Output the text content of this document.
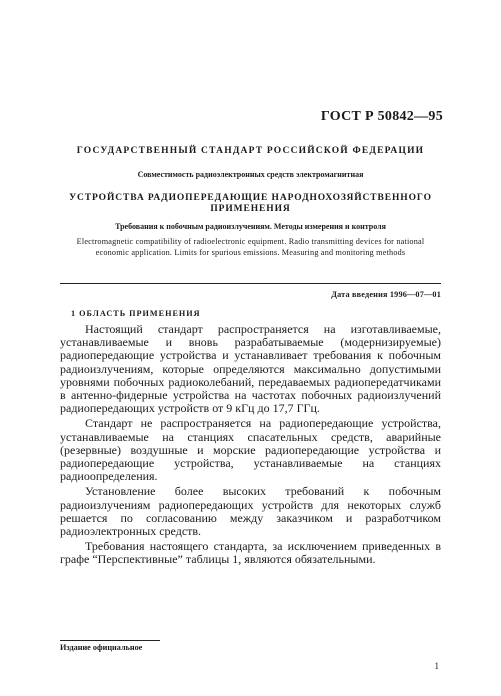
ГОСТ Р 50842—95
ГОСУДАРСТВЕННЫЙ СТАНДАРТ РОССИЙСКОЙ ФЕДЕРАЦИИ
Совместимость радиоэлектронных средств электромагнитная
УСТРОЙСТВА РАДИОПЕРЕДАЮЩИЕ НАРОДНОХОЗЯЙСТВЕННОГО ПРИМЕНЕНИЯ
Требования к побочным радиоизлучениям. Методы измерения и контроля
Electromagnetic compatibility of radioelectronic equipment. Radio transmitting devices for national economic application. Limits for spurious emissions. Measuring and monitoring methods
Дата введения 1996—07—01
1 ОБЛАСТЬ ПРИМЕНЕНИЯ

Настоящий стандарт распространяется на изготавливаемые, устанавливаемые и вновь разрабатываемые (модернизируемые) радиопередающие устройства и устанавливает требования к побочным радиоизлучениям, которые определяются максимально допустимыми уровнями побочных радиоколебаний, передаваемых радиопередатчиками в антенно-фидерные устройства на частотах побочных радиоизлучений радиопередающих устройств от 9 кГц до 17,7 ГГц.

Стандарт не распространяется на радиопередающие устройства, устанавливаемые на станциях спасательных средств, аварийные (резервные) воздушные и морские радиопередающие устройства и радиопередающие устройства, устанавливаемые на станциях радиоопределения.

Установление более высоких требований к побочным радиоизлучениям радиопередающих устройств для некоторых служб решается по согласованию между заказчиком и разработчиком радиоэлектронных средств.

Требования настоящего стандарта, за исключением приведенных в графе “Перспективные” таблицы 1, являются обязательными.

Издание официальное
1
